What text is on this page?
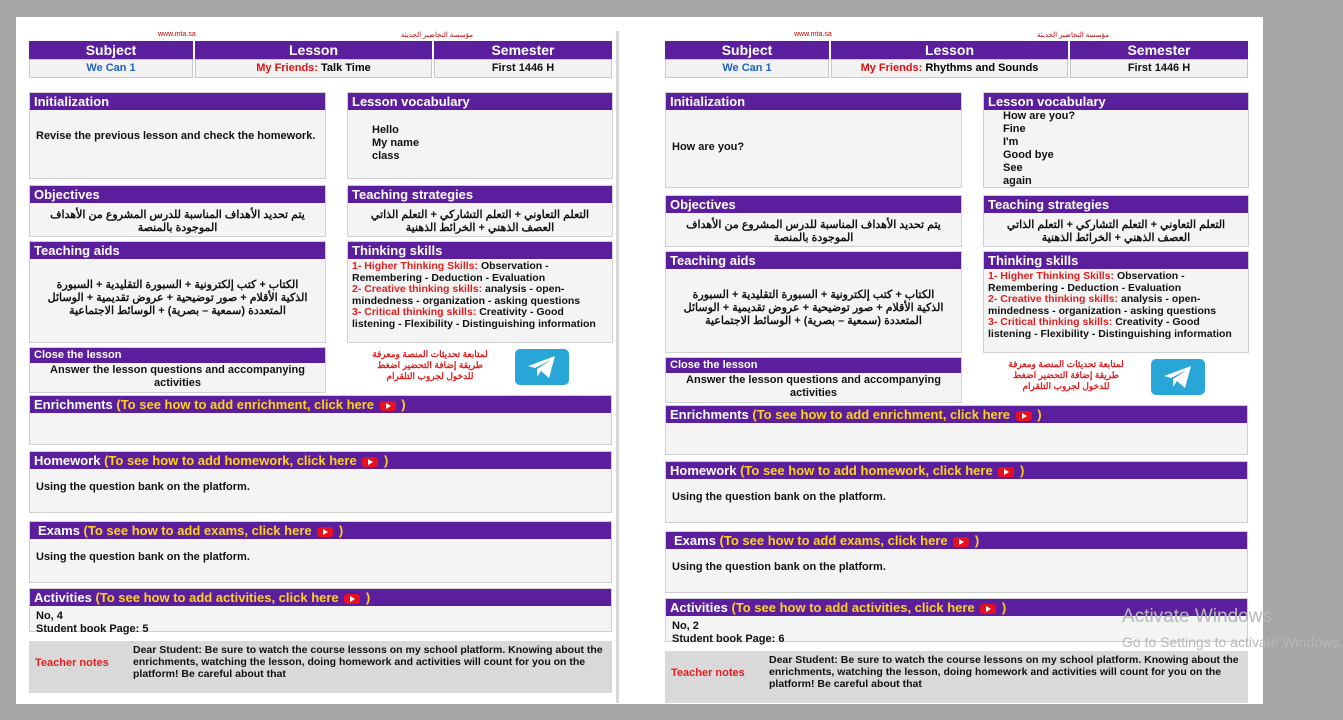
www.mta.sa	مؤسسة التحاضير الحديثة
Subject
We Can 1
Lesson
My Friends: Talk Time
Semester
First 1446 H
Initialization
Revise the previous lesson and check the homework.
Lesson vocabulary
Hello
My name
class
Objectives
يتم تحديد الأهداف المناسبة للدرس المشروع من الأهداف الموجودة بالمنصة
Teaching strategies
التعلم التعاوني + التعلم التشاركي + التعلم الذاتي العصف الذهني + الخرائط الذهنية
Teaching aids
الكتاب + كتب إلكترونية + السبورة التقليدية + السبورة الذكية الأقلام + صور توضيحية + عروض تقديمية + الوسائل المتعددة (سمعية – بصرية) + الوسائط الاجتماعية
Thinking skills
1- Higher Thinking Skills: Observation - Remembering - Deduction - Evaluation
2- Creative thinking skills: analysis - open-mindedness - organization - asking questions
3- Critical thinking skills: Creativity - Good listening - Flexibility - Distinguishing information
Close the lesson
Answer the lesson questions and accompanying activities
لمتابعة تحديثات المنصة ومعرفة طريقة إضافة التحضير اضغط للدخول لجروب التلقرام
Enrichments (To see how to add enrichment, click here )
Homework (To see how to add homework, click here )
Using the question bank on the platform.
Exams (To see how to add exams, click here )
Using the question bank on the platform.
Activities (To see how to add activities, click here )
No, 4
Student book Page: 5
Teacher notes
Dear Student: Be sure to watch the course lessons on my school platform. Knowing about the enrichments, watching the lesson, doing homework and activities will count for you on the platform! Be careful about that
www.mta.sa	مؤسسة التحاضير الحديثة
Subject
We Can 1
Lesson
My Friends: Rhythms and Sounds
Semester
First 1446 H
Initialization
How are you?
Lesson vocabulary
How are you?
Fine
I'm
Good bye
See
again
Objectives
يتم تحديد الأهداف المناسبة للدرس المشروع من الأهداف الموجودة بالمنصة
Teaching strategies
التعلم التعاوني + التعلم التشاركي + التعلم الذاتي العصف الذهني + الخرائط الذهنية
Teaching aids
الكتاب + كتب إلكترونية + السبورة التقليدية + السبورة الذكية الأقلام + صور توضيحية + عروض تقديمية + الوسائل المتعددة (سمعية – بصرية) + الوسائط الاجتماعية
Thinking skills
1- Higher Thinking Skills: Observation - Remembering - Deduction - Evaluation
2- Creative thinking skills: analysis - open-mindedness - organization - asking questions
3- Critical thinking skills: Creativity - Good listening - Flexibility - Distinguishing information
Close the lesson
Answer the lesson questions and accompanying activities
لمتابعة تحديثات المنصة ومعرفة طريقة إضافة التحضير اضغط للدخول لجروب التلقرام
Enrichments (To see how to add enrichment, click here )
Homework (To see how to add homework, click here )
Using the question bank on the platform.
Exams (To see how to add exams, click here )
Using the question bank on the platform.
Activities (To see how to add activities, click here )
No, 2
Student book Page: 6
Teacher notes
Dear Student: Be sure to watch the course lessons on my school platform. Knowing about the enrichments, watching the lesson, doing homework and activities will count for you on the platform! Be careful about that
Activate Windows
Go to Settings to activate Windows.
